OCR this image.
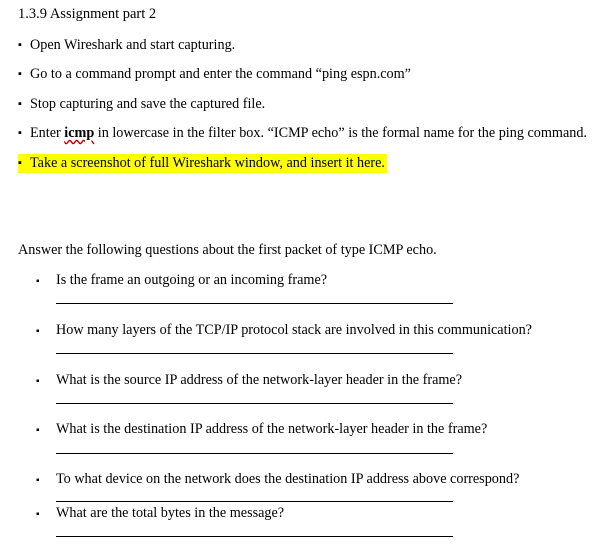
1.3.9 Assignment part 2
▪ Open Wireshark and start capturing.
▪ Go to a command prompt and enter the command “ping espn.com”
▪ Stop capturing and save the captured file.
▪ Enter icmp in lowercase in the filter box. “ICMP echo” is the formal name for the ping command.
▪ Take a screenshot of full Wireshark window, and insert it here.
Answer the following questions about the first packet of type ICMP echo.
▪ Is the frame an outgoing or an incoming frame?
▪ How many layers of the TCP/IP protocol stack are involved in this communication?
▪ What is the source IP address of the network-layer header in the frame?
▪ What is the destination IP address of the network-layer header in the frame?
▪ To what device on the network does the destination IP address above correspond?
▪ What are the total bytes in the message?
